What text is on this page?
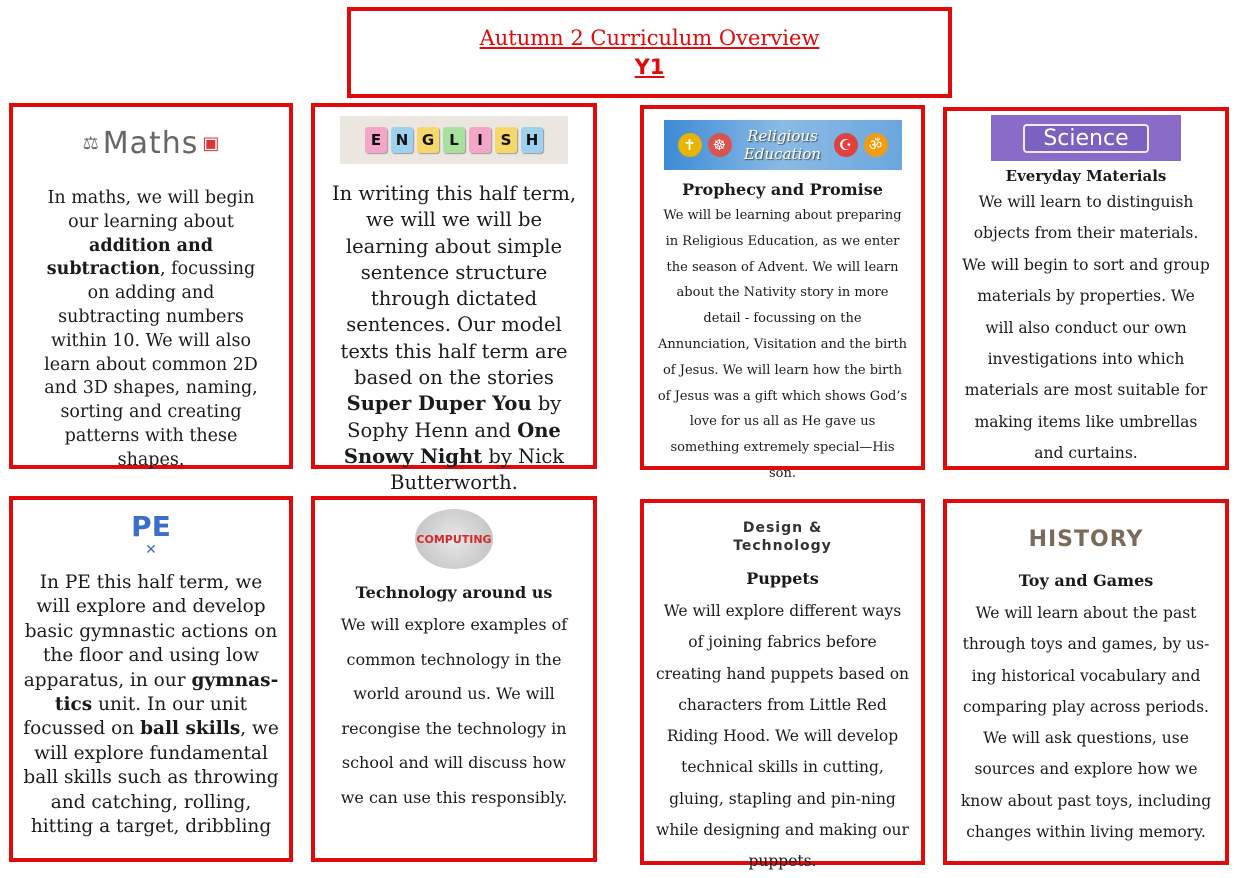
Autumn 2 Curriculum Overview
Y1
⚖ Maths ▣
In maths, we will begin our learning about addition and subtraction, focussing on adding and subtracting numbers within 10. We will also learn about common 2D and 3D shapes, naming, sorting and creating patterns with these shapes.
E N G	L	I	S H
In writing this half term, we will we will be learning about simple sentence structure through dictated sentences. Our model texts this half term are based on the stories Super Duper You by Sophy Henn and One Snowy Night by Nick Butterworth.
✝	☸	Religious Education	☪	ॐ

Prophecy and Promise

We will be learning about preparing in Religious Education, as we enter the season of Advent. We will learn about the Nativity story in more detail - focussing on the Annunciation, Visitation and the birth of Jesus. We will learn how the birth of Jesus was a gift which shows God’s love for us all as He gave us something extremely special—His son.
Science

Everyday Materials

We will learn to distinguish objects from their materials. We will begin to sort and group materials by properties. We will also conduct our own investigations into which materials are most suitable for making items like umbrellas and curtains.
PE
✕
In PE this half term, we will explore and develop basic gymnastic actions on the floor and using low apparatus, in our gymnas-tics unit. In our unit focussed on ball skills, we will explore fundamental ball skills such as throwing and catching, rolling, hitting a target, dribbling
COMPUTING

Technology around us

We will explore examples of common technology in the world around us. We will recongise the technology in school and will discuss how we can use this responsibly.
Design &
Technology

Puppets

We will explore different ways of joining fabrics before creating hand puppets based on characters from Little Red Riding Hood. We will develop technical skills in cutting, gluing, stapling and pin-ning while designing and making our puppets.
HISTORY

Toy and Games

We will learn about the past through toys and games, by us-ing historical vocabulary and comparing play across periods. We will ask questions, use sources and explore how we know about past toys, including changes within living memory.
